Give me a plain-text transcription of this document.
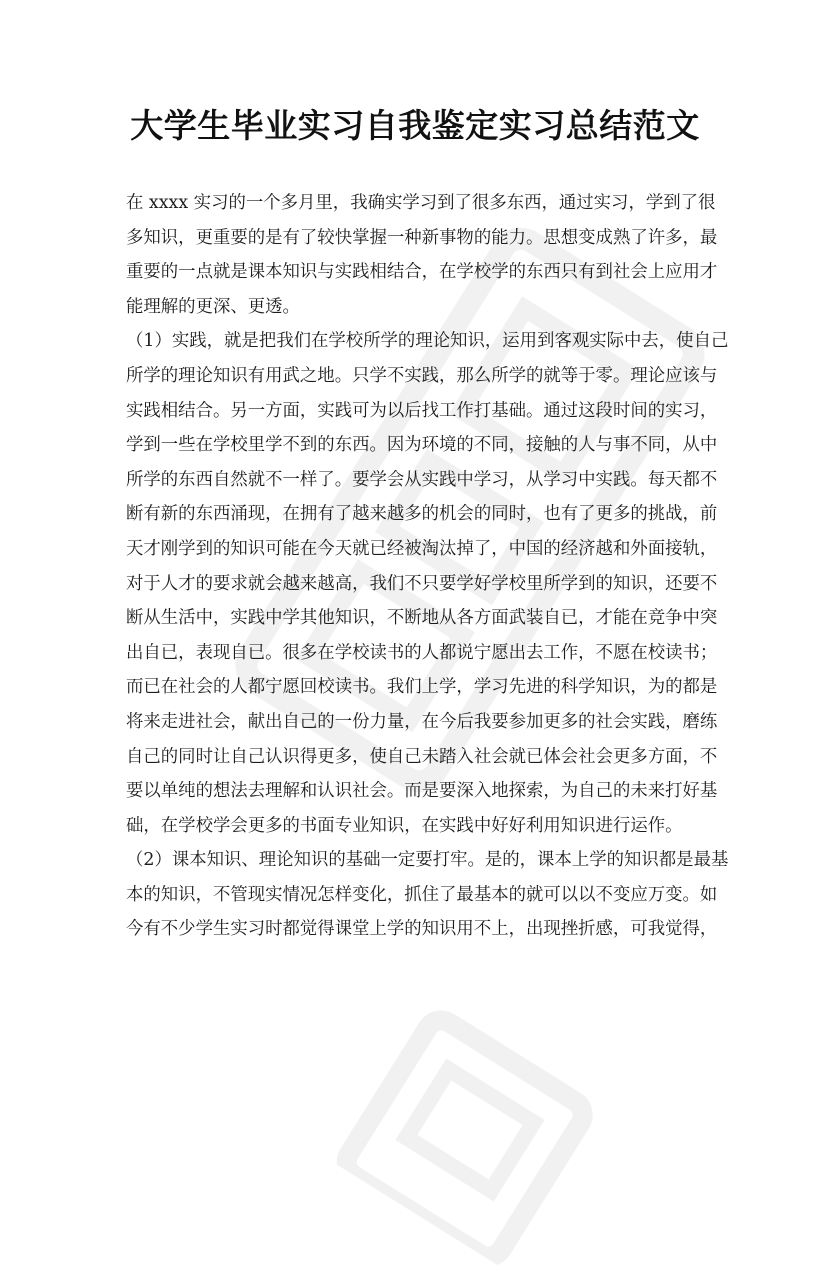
大学生毕业实习自我鉴定实习总结范文
在 xxxx 实习的一个多月里，我确实学习到了很多东西，通过实习，学到了很
多知识，更重要的是有了较快掌握一种新事物的能力。思想变成熟了许多，最
重要的一点就是课本知识与实践相结合，在学校学的东西只有到社会上应用才
能理解的更深、更透。
（1）实践，就是把我们在学校所学的理论知识，运用到客观实际中去，使自己
所学的理论知识有用武之地。只学不实践，那么所学的就等于零。理论应该与
实践相结合。另一方面，实践可为以后找工作打基础。通过这段时间的实习，
学到一些在学校里学不到的东西。因为环境的不同，接触的人与事不同，从中
所学的东西自然就不一样了。要学会从实践中学习，从学习中实践。每天都不
断有新的东西涌现，在拥有了越来越多的机会的同时，也有了更多的挑战，前
天才刚学到的知识可能在今天就已经被淘汰掉了，中国的经济越和外面接轨，
对于人才的要求就会越来越高，我们不只要学好学校里所学到的知识，还要不
断从生活中，实践中学其他知识，不断地从各方面武装自已，才能在竞争中突
出自已，表现自已。很多在学校读书的人都说宁愿出去工作，不愿在校读书；
而已在社会的人都宁愿回校读书。我们上学，学习先进的科学知识，为的都是
将来走进社会，献出自己的一份力量，在今后我要参加更多的社会实践，磨练
自己的同时让自己认识得更多，使自己未踏入社会就已体会社会更多方面，不
要以单纯的想法去理解和认识社会。而是要深入地探索，为自己的未来打好基
础，在学校学会更多的书面专业知识，在实践中好好利用知识进行运作。
（2）课本知识、理论知识的基础一定要打牢。是的，课本上学的知识都是最基
本的知识，不管现实情况怎样变化，抓住了最基本的就可以以不变应万变。如
今有不少学生实习时都觉得课堂上学的知识用不上，出现挫折感，可我觉得，
